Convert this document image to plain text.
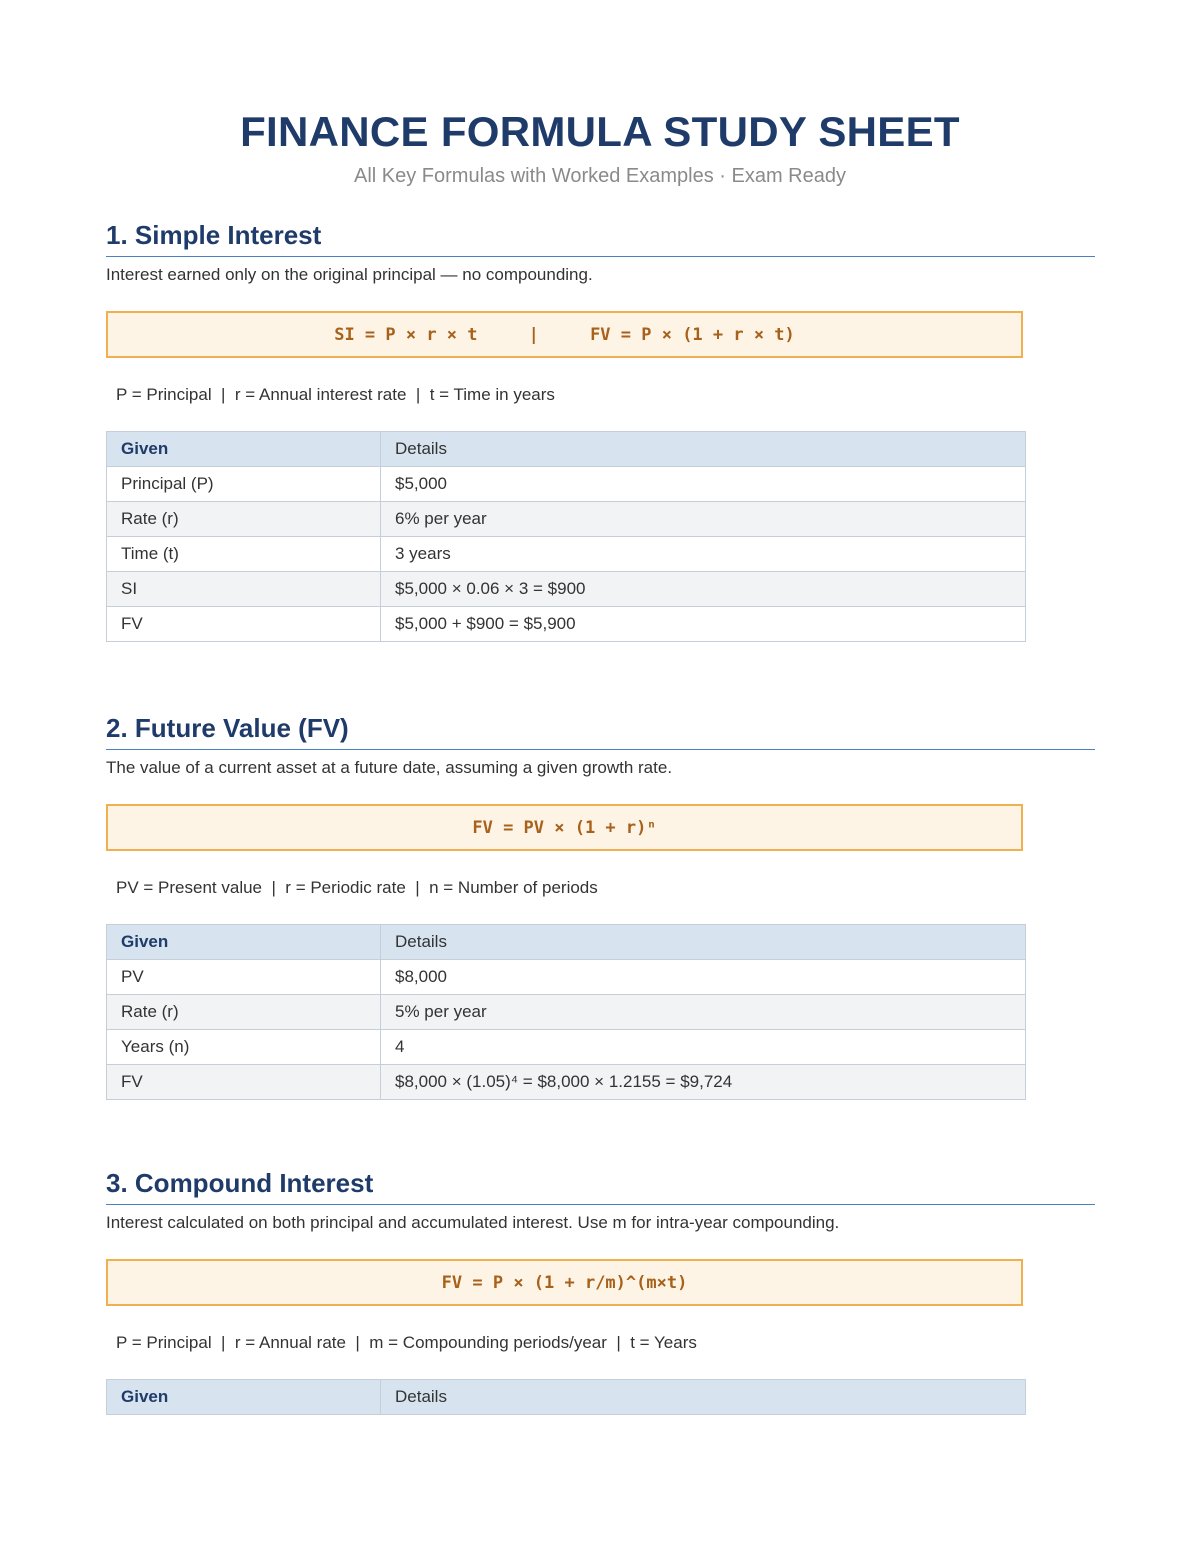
FINANCE FORMULA STUDY SHEET
All Key Formulas with Worked Examples · Exam Ready
1. Simple Interest
Interest earned only on the original principal — no compounding.
SI = P × r × t     |     FV = P × (1 + r × t)
P = Principal  |  r = Annual interest rate  |  t = Time in years
Given	Details
Principal (P)	$5,000
Rate (r)	6% per year
Time (t)	3 years
SI	$5,000 × 0.06 × 3 = $900
FV	$5,000 + $900 = $5,900
2. Future Value (FV)
The value of a current asset at a future date, assuming a given growth rate.
FV = PV × (1 + r)ⁿ
PV = Present value  |  r = Periodic rate  |  n = Number of periods
Given	Details
PV	$8,000
Rate (r)	5% per year
Years (n)	4
FV	$8,000 × (1.05)⁴ = $8,000 × 1.2155 = $9,724
3. Compound Interest
Interest calculated on both principal and accumulated interest. Use m for intra-year compounding.
FV = P × (1 + r/m)^(m×t)
P = Principal  |  r = Annual rate  |  m = Compounding periods/year  |  t = Years
Given	Details
